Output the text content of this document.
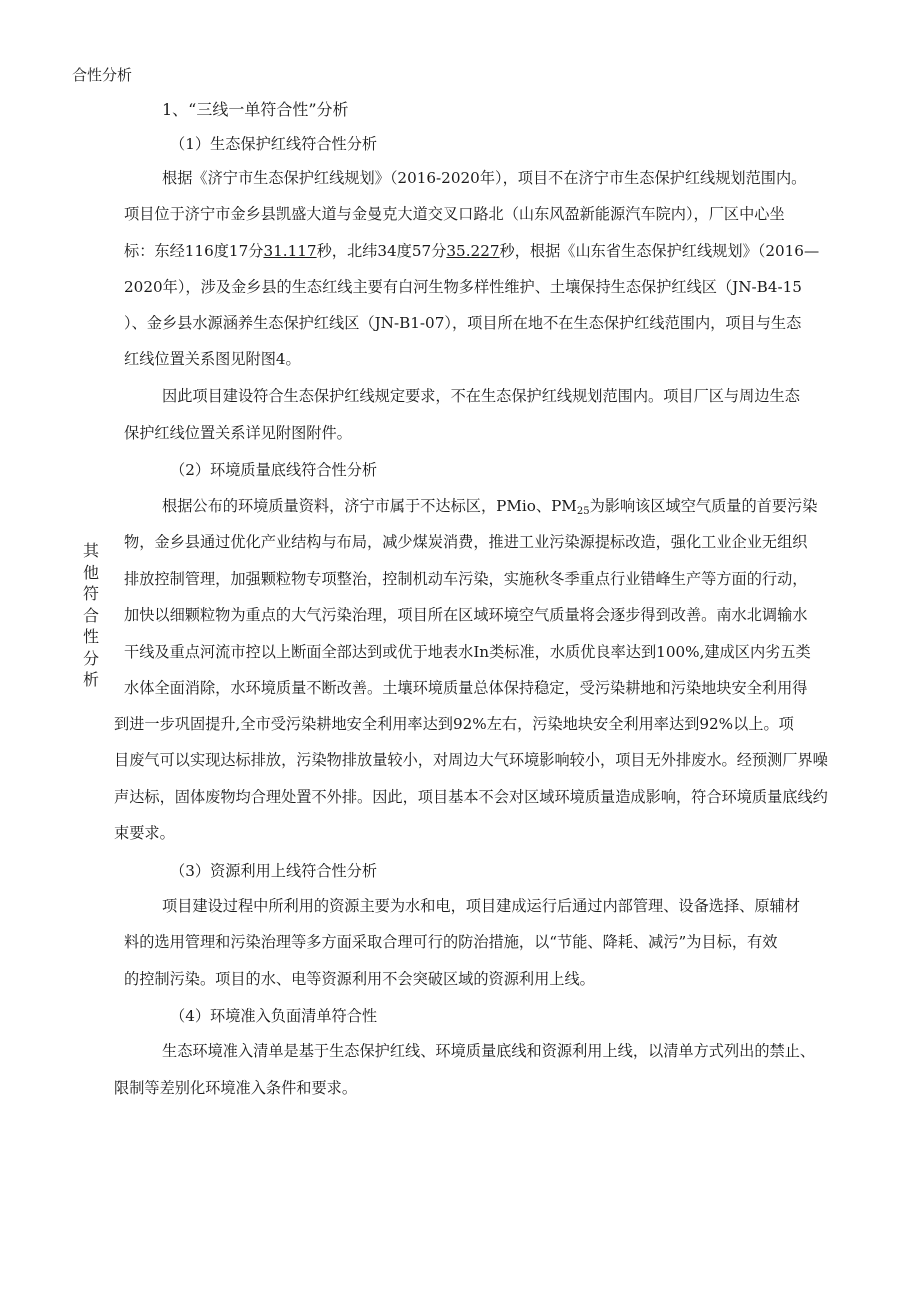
合性分析
其
他
符
合
性
分
析
1、“三线一单符合性”分析
（1）生态保护红线符合性分析
根据《济宁市生态保护红线规划》（2016-2020年），项目不在济宁市生态保护红线规划范围内。
项目位于济宁市金乡县凯盛大道与金曼克大道交叉口路北（山东风盈新能源汽车院内），厂区中心坐
标：东经116度17分31.117秒，北纬34度57分35.227秒，根据《山东省生态保护红线规划》（2016—
2020年），涉及金乡县的生态红线主要有白河生物多样性维护、土壤保持生态保护红线区（JN-B4-15
）、金乡县水源涵养生态保护红线区（JN-B1-07），项目所在地不在生态保护红线范围内，项目与生态
红线位置关系图见附图4。
因此项目建设符合生态保护红线规定要求，不在生态保护红线规划范围内。项目厂区与周边生态
保护红线位置关系详见附图附件。
（2）环境质量底线符合性分析
根据公布的环境质量资料，济宁市属于不达标区，PMio、$PM_{25}$为影响该区域空气质量的首要污染
物，金乡县通过优化产业结构与布局，减少煤炭消费，推进工业污染源提标改造，强化工业企业无组织
排放控制管理，加强颗粒物专项整治，控制机动车污染，实施秋冬季重点行业错峰生产等方面的行动，
加快以细颗粒物为重点的大气污染治理，项目所在区域环境空气质量将会逐步得到改善。南水北调输水
干线及重点河流市控以上断面全部达到或优于地表水In类标准，水质优良率达到100%,建成区内劣五类
水体全面消除，水环境质量不断改善。土壤环境质量总体保持稳定，受污染耕地和污染地块安全利用得
到进一步巩固提升,全市受污染耕地安全利用率达到92%左右，污染地块安全利用率达到92%以上。项
目废气可以实现达标排放，污染物排放量较小，对周边大气环境影响较小，项目无外排废水。经预测厂界噪
声达标，固体废物均合理处置不外排。因此，项目基本不会对区域环境质量造成影响，符合环境质量底线约
束要求。
（3）资源利用上线符合性分析
项目建设过程中所利用的资源主要为水和电，项目建成运行后通过内部管理、设备选择、原辅材
料的选用管理和污染治理等多方面采取合理可行的防治措施，以“节能、降耗、减污”为目标，有效
的控制污染。项目的水、电等资源利用不会突破区域的资源利用上线。
（4）环境准入负面清单符合性
生态环境准入清单是基于生态保护红线、环境质量底线和资源利用上线，以清单方式列出的禁止、
限制等差别化环境准入条件和要求。
